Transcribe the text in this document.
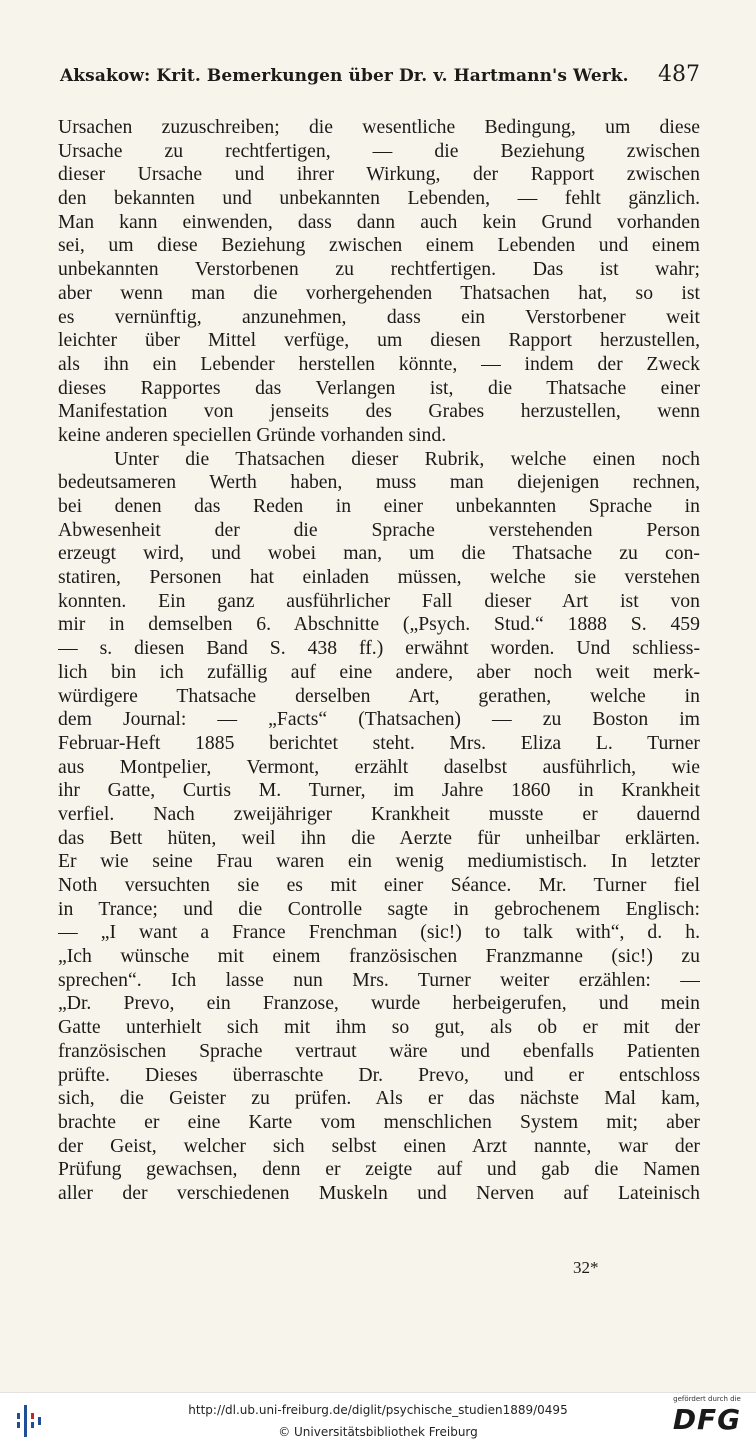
Aksakow: Krit. Bemerkungen über Dr. v. Hartmann's Werk. 487
Ursachen zuzuschreiben; die wesentliche Bedingung, um diese
Ursache zu rechtfertigen, — die Beziehung zwischen
dieser Ursache und ihrer Wirkung, der Rapport zwischen
den bekannten und unbekannten Lebenden, — fehlt gänzlich.
Man kann einwenden, dass dann auch kein Grund vorhanden
sei, um diese Beziehung zwischen einem Lebenden und einem
unbekannten Verstorbenen zu rechtfertigen. Das ist wahr;
aber wenn man die vorhergehenden Thatsachen hat, so ist
es vernünftig, anzunehmen, dass ein Verstorbener weit
leichter über Mittel verfüge, um diesen Rapport herzustellen,
als ihn ein Lebender herstellen könnte, — indem der Zweck
dieses Rapportes das Verlangen ist, die Thatsache einer
Manifestation von jenseits des Grabes herzustellen, wenn
keine anderen speciellen Gründe vorhanden sind.
Unter die Thatsachen dieser Rubrik, welche einen noch
bedeutsameren Werth haben, muss man diejenigen rechnen,
bei denen das Reden in einer unbekannten Sprache in
Abwesenheit der die Sprache verstehenden Person
erzeugt wird, und wobei man, um die Thatsache zu con-
statiren, Personen hat einladen müssen, welche sie verstehen
konnten. Ein ganz ausführlicher Fall dieser Art ist von
mir in demselben 6. Abschnitte („Psych. Stud.“ 1888 S. 459
— s. diesen Band S. 438 ff.) erwähnt worden. Und schliess-
lich bin ich zufällig auf eine andere, aber noch weit merk-
würdigere Thatsache derselben Art, gerathen, welche in
dem Journal: — „Facts“ (Thatsachen) — zu Boston im
Februar-Heft 1885 berichtet steht. Mrs. Eliza L. Turner
aus Montpelier, Vermont, erzählt daselbst ausführlich, wie
ihr Gatte, Curtis M. Turner, im Jahre 1860 in Krankheit
verfiel. Nach zweijähriger Krankheit musste er dauernd
das Bett hüten, weil ihn die Aerzte für unheilbar erklärten.
Er wie seine Frau waren ein wenig mediumistisch. In letzter
Noth versuchten sie es mit einer Séance. Mr. Turner fiel
in Trance; und die Controlle sagte in gebrochenem Englisch:
— „I want a France Frenchman (sic!) to talk with“, d. h.
„Ich wünsche mit einem französischen Franzmanne (sic!) zu
sprechen“. Ich lasse nun Mrs. Turner weiter erzählen: —
„Dr. Prevo, ein Franzose, wurde herbeigerufen, und mein
Gatte unterhielt sich mit ihm so gut, als ob er mit der
französischen Sprache vertraut wäre und ebenfalls Patienten
prüfte. Dieses überraschte Dr. Prevo, und er entschloss
sich, die Geister zu prüfen. Als er das nächste Mal kam,
brachte er eine Karte vom menschlichen System mit; aber
der Geist, welcher sich selbst einen Arzt nannte, war der
Prüfung gewachsen, denn er zeigte auf und gab die Namen
aller der verschiedenen Muskeln und Nerven auf Lateinisch
32*
http://dl.ub.uni-freiburg.de/diglit/psychische_studien1889/0495
© Universitätsbibliothek Freiburg
gefördert durch die
DFG
